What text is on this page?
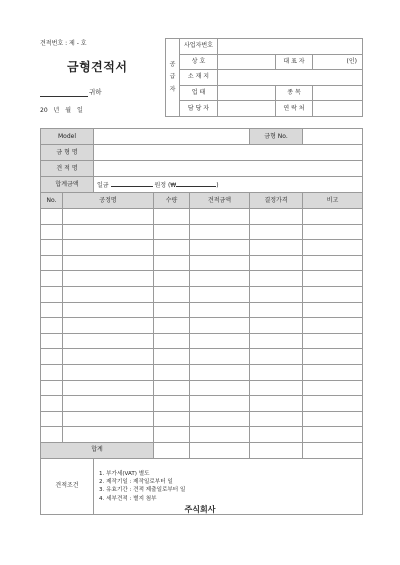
견적번호 : 제 - 호
금형견적서
귀하
20 년 월 일
공
급
자	사업자번호			
	상 호		대 표 자	(인)
	소 재 지			
	업 태		종 목	
	담 당 자		연 락 처	
Model					금형 No.	
금 형 명						
견 적 명						
합계금액		일금 원정 (₩ )				
No.	공정명		수량	견적금액	결정가격	비고

합계						
견적조건		1. 부가세(VAT) 별도
2. 제작기일 : 제작일로부터 일
3. 유효기간 : 견적 제출일로부터 일
4. 세부견적 : 별지 첨부				
주식회사
